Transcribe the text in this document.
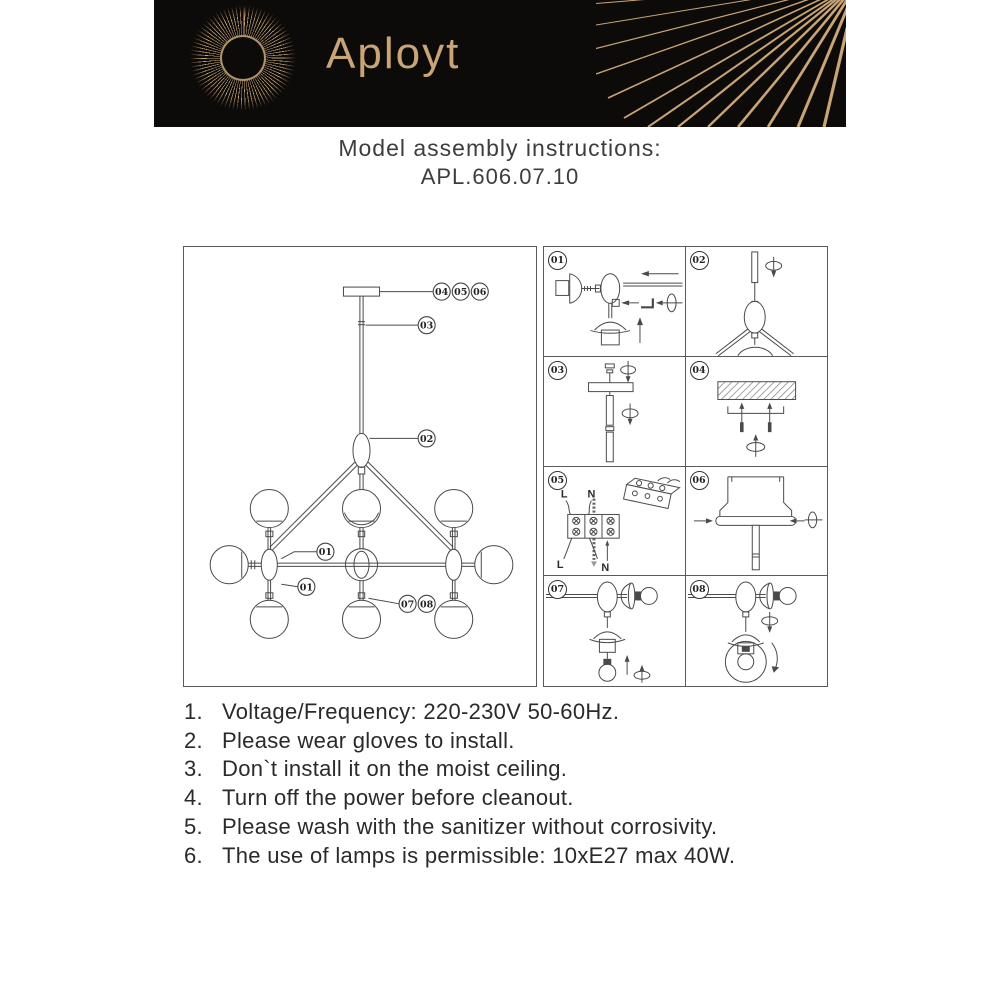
Aployt
Model assembly instructions:
APL.606.07.10
04 05 06
03
02
01
01
07 08
01	02
03	04
05
L N
L	N
06
07	08
1. Voltage/Frequency: 220-230V 50-60Hz.
2. Please wear gloves to install.
3. Don`t install it on the moist ceiling.
4. Turn off the power before cleanout.
5. Please wash with the sanitizer without corrosivity.
6. The use of lamps is permissible: 10xE27 max 40W.
